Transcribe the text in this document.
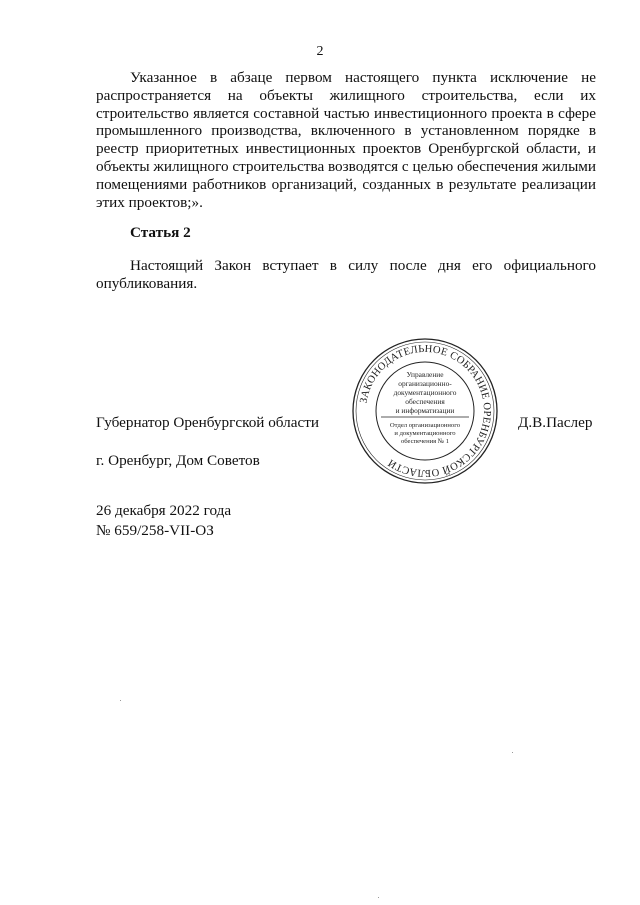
2

Указанное в абзаце первом настоящего пункта исключение не распространяется на объекты жилищного строительства, если их строительство является составной частью инвестиционного проекта в сфере промышленного производства, включенного в установленном порядке в реестр приоритетных инвестиционных проектов Оренбургской области, и объекты жилищного строительства возводятся с целью обеспечения жилыми помещениями работников организаций, созданных в результате реализации этих проектов;».

Статья 2

Настоящий Закон вступает в силу после дня его официального опубликования.

Губернатор Оренбургской области	Д.В.Паслер
г. Оренбург, Дом Советов
26 декабря 2022 года
№ 659/258-VII-ОЗ
ЗАКОНОДАТЕЛЬНОЕ СОБРАНИЕ ОРЕНБУРГСКОЙ ОБЛАСТИ
Управление
организационно-
документационного
обеспечения
и информатизации
Отдел организационного
и документационного
обеспечения № 1
